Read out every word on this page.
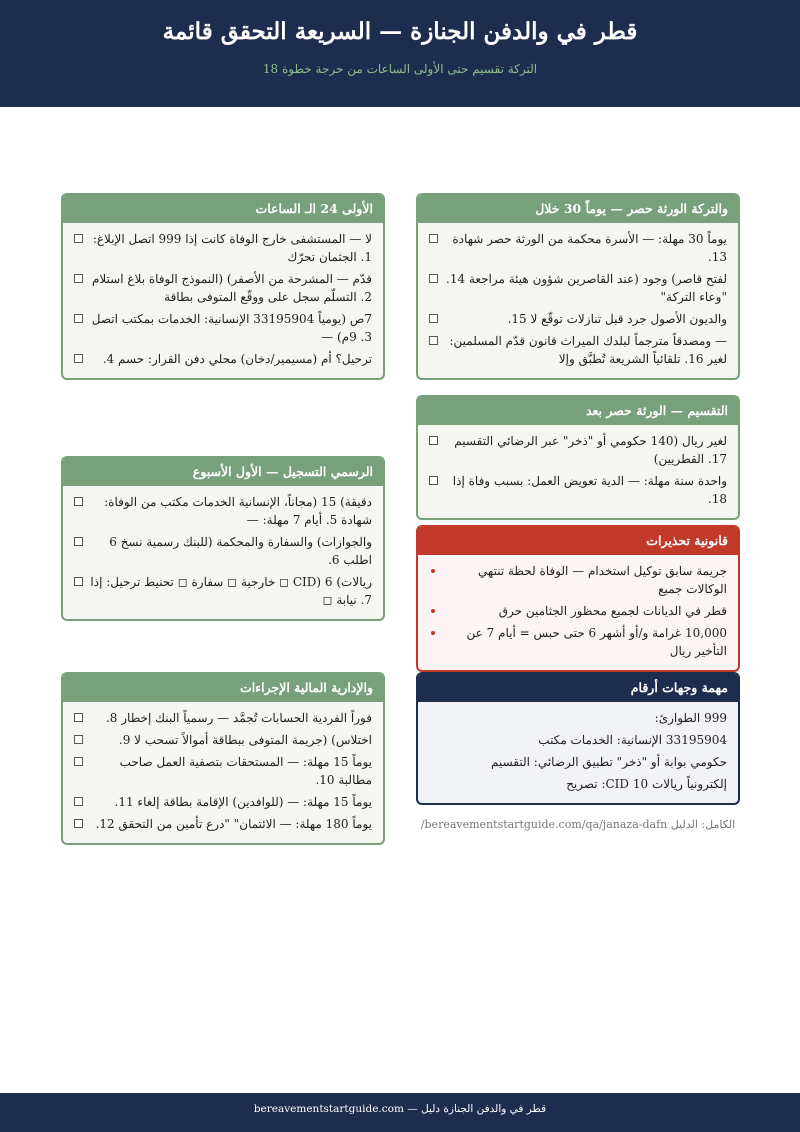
قطر في والدفن الجنازة — السريعة التحقق قائمة
التركة تقسيم حتى الأولى الساعات من حرجة خطوة 18
الأولى 24 الـ الساعات
لا — المستشفى خارج الوفاة كانت إذا 999 اتصل الإبلاغ: 1. الجثمان تحرّك
قدّم — المشرحة من الأصفر) (النموذج الوفاة بلاغ استلام 2. التسلّم سجل على ووقّع المتوفى بطاقة
7ص (يومياً 33195904 الإنسانية: الخدمات بمكتب اتصل 3. 9م) —
ترحيل؟ أم (مسيمير/دخان) محلي دفن القرار: حسم 4.
الرسمي التسجيل — الأول الأسبوع
دقيقة) 15 (مجاناً، الإنسانية الخدمات مكتب من الوفاة: شهادة 5. أيام 7 مهلة: —
والجوازات) والسفارة والمحكمة (للبنك رسمية نسخ 6 اطلب 6.
ريالات) 6 (CID ◻ خارجية ◻ سفارة ◻ تحنيط ترحيل: إذا 7. نيابة ◻
والإدارية المالية الإجراءات
فوراً الفردية الحسابات تُجمَّد — رسمياً البنك إخطار 8.
اختلاس) (جريمة المتوفى ببطاقة أموالاً تسحب لا 9.
يوماً 15 مهلة: — المستحقات بتصفية العمل صاحب مطالبة 10.
يوماً 15 مهلة: — (للوافدين) الإقامة بطاقة إلغاء 11.
يوماً 180 مهلة: — الائتمان" "درع تأمين من التحقق 12.
والتركة الورثة حصر — يوماً 30 خلال
يوماً 30 مهلة: — الأسرة محكمة من الورثة حصر شهادة 13.
لفتح قاصر) وجود (عند القاصرين شؤون هيئة مراجعة 14. "وعاء التركة"
والديون الأصول جرد قبل تنازلات توقّع لا 15.
— ومصدقاً مترجماً لبلدك الميراث قانون قدّم المسلمين: لغير 16. تلقائياً الشريعة تُطبَّق وإلا
التقسيم — الورثة حصر بعد
لغير ريال (140 حكومي أو "ذخر" عبر الرضائي التقسيم 17. القطريين)
واحدة سنة مهلة: — الدية تعويض العمل: بسبب وفاة إذا 18.
قانونية تحذيرات
جريمة سابق توكيل استخدام — الوفاة لحظة تنتهي الوكالات جميع
قطر في الديانات لجميع محظور الجثامين حرق
10,000 غرامة و/أو أشهر 6 حتى حبس = أيام 7 عن التأخير ريال
مهمة وجهات أرقام
999 الطوارئ:
33195904 الإنسانية: الخدمات مكتب
حكومي بوابة أو "ذخر" تطبيق الرضائي: التقسيم
إلكترونياً ريالات 10 CID: تصريح
الكامل: الدليل bereavementstartguide.com/qa/janaza-dafn/
قطر في والدفن الجنازة دليل — bereavementstartguide.com
